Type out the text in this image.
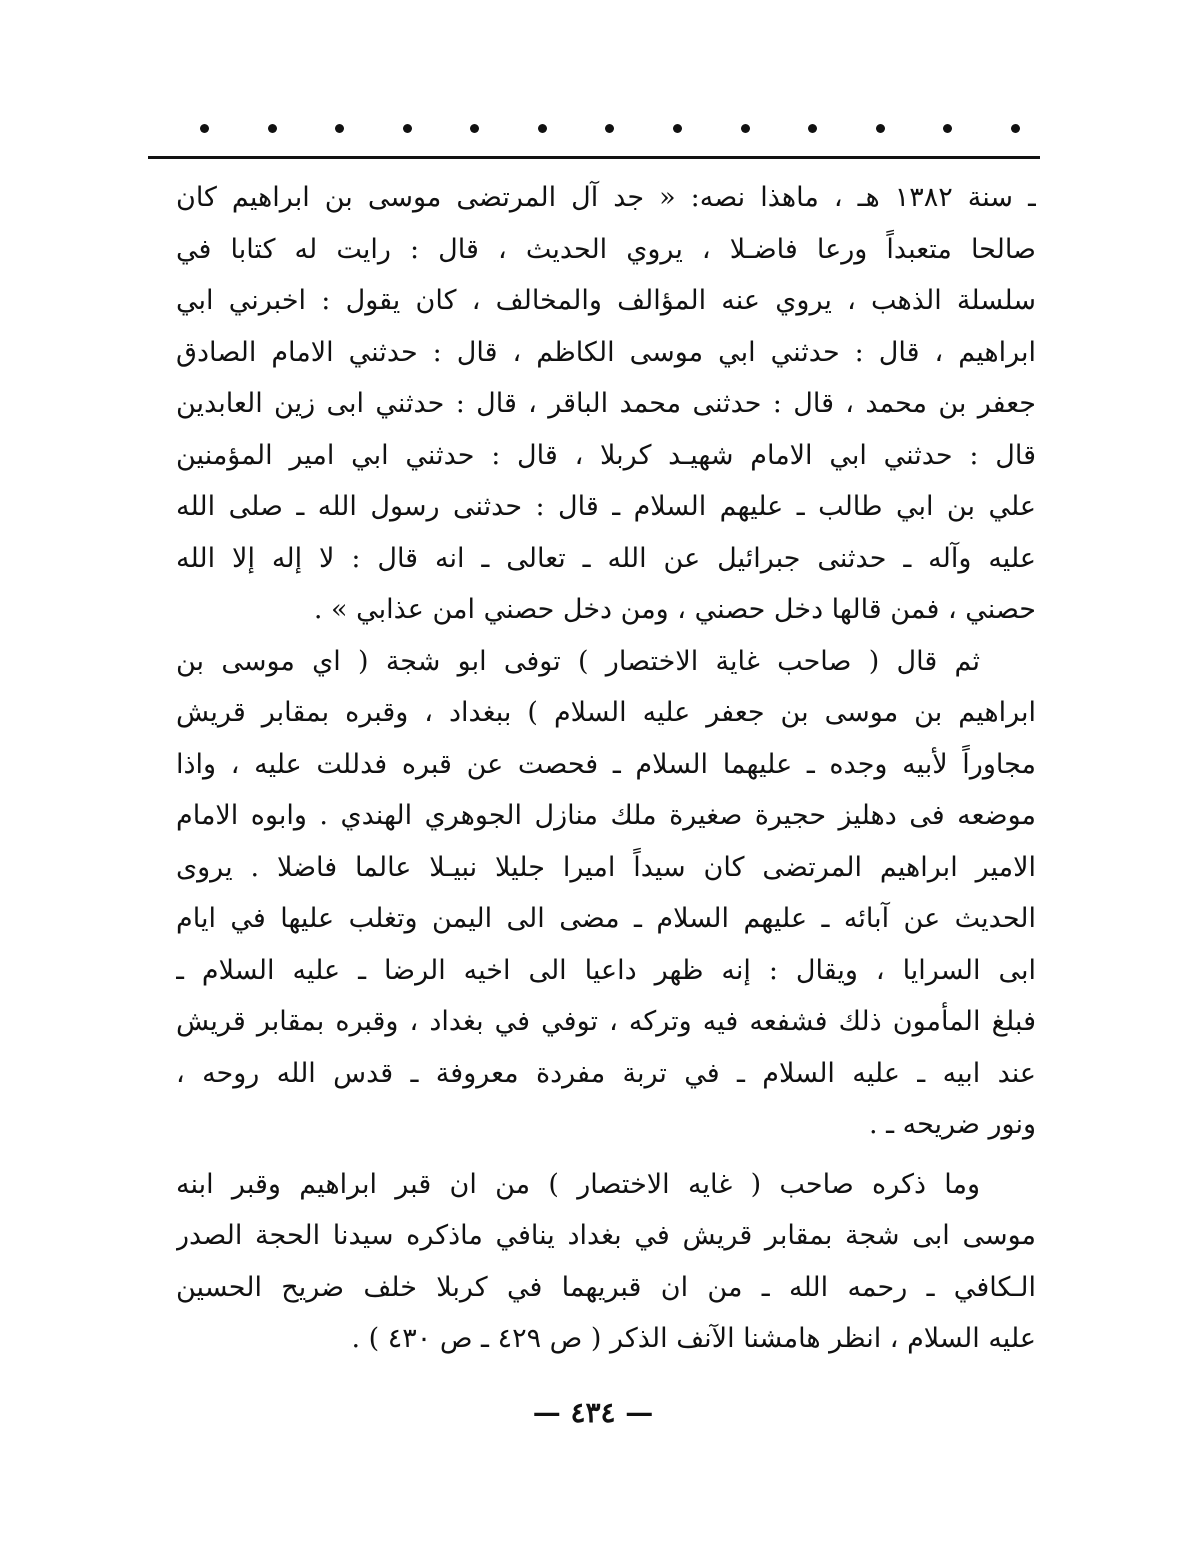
ـ سنة ١٣٨٢ هـ ، ماهذا نصه: « جد آل المرتضى موسى بن ابراهيم كان
صالحا متعبداً ورعا فاضـلا ، يروي الحديث ، قال : رايت له كتابا في
سلسلة الذهب ، يروي عنه المؤالف والمخالف ، كان يقول : اخبرني ابي
ابراهيم ، قال : حدثني ابي موسى الكاظم ، قال : حدثني الامام الصادق
جعفر بن محمد ، قال : حدثنى محمد الباقر ، قال : حدثني ابى زين العابدين
قال : حدثني ابي الامام شهيـد كربلا ، قال : حدثني ابي امير المؤمنين
علي بن ابي طالب ـ عليهم السلام ـ قال : حدثنى رسول الله ـ صلى الله
عليه وآله ـ حدثنى جبرائيل عن الله ـ تعالى ـ انه قال : لا إله إلا الله
حصني ، فمن قالها دخل حصني ، ومن دخل حصني امن عذابي » .
ثم قال ( صاحب غاية الاختصار ) توفى ابو شجة ( اي موسى بن
ابراهيم بن موسى بن جعفر عليه السلام ) ببغداد ، وقبره بمقابر قريش
مجاوراً لأبيه وجده ـ عليهما السلام ـ فحصت عن قبره فدللت عليه ، واذا
موضعه فى دهليز حجيرة صغيرة ملك منازل الجوهري الهندي . وابوه الامام
الامير ابراهيم المرتضى كان سيداً اميرا جليلا نبيـلا عالما فاضلا . يروى
الحديث عن آبائه ـ عليهم السلام ـ مضى الى اليمن وتغلب عليها في ايام
ابى السرايا ، ويقال : إنه ظهر داعيا الى اخيه الرضا ـ عليه السلام ـ
فبلغ المأمون ذلك فشفعه فيه وتركه ، توفي في بغداد ، وقبره بمقابر قريش
عند ابيه ـ عليه السلام ـ في تربة مفردة معروفة ـ قدس الله روحه ،
ونور ضريحه ـ .
وما ذكره صاحب ( غايه الاختصار ) من ان قبر ابراهيم وقبر ابنه
موسى ابى شجة بمقابر قريش في بغداد ينافي ماذكره سيدنا الحجة الصدر
الـكافي ـ رحمه الله ـ من ان قبريهما في كربلا خلف ضريح الحسين
عليه السلام ، انظر هامشنا الآنف الذكر ( ص ٤٢٩ ـ ص ٤٣٠ ) .
— ٤٣٤ —
